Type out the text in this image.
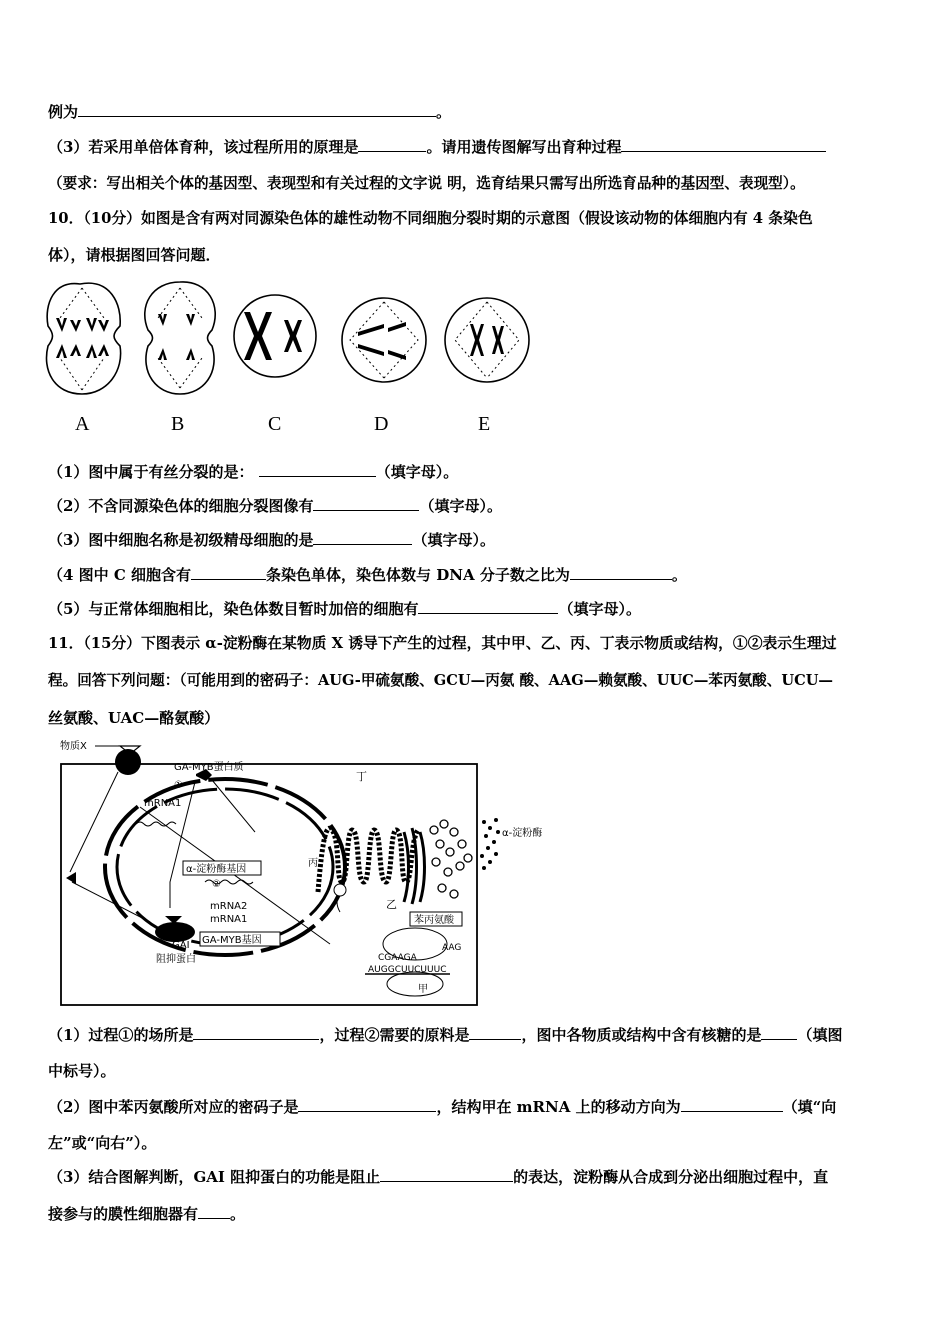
例为	。
（3）若采用单倍体育种，该过程所用的原理是	。请用遗传图解写出育种过程
（要求：写出相关个体的基因型、表现型和有关过程的文字说 明，选育结果只需写出所选育品种的基因型、表现型）。
10．（10分）如图是含有两对同源染色体的雄性动物不同细胞分裂时期的示意图（假设该动物的体细胞内有 4 条染色
体），请根据图回答问题．
A	B	C	D	E
（1）图中属于有丝分裂的是：	（填字母）。
（2）不含同源染色体的细胞分裂图像有	（填字母）。
（3）图中细胞名称是初级精母细胞的是	（填字母）。
（4 图中 C 细胞含有	条染色单体，染色体数与 DNA 分子数之比为	。
（5）与正常体细胞相比，染色体数目暂时加倍的细胞有	（填字母）。
11．（15分）下图表示 α-淀粉酶在某物质 X 诱导下产生的过程，其中甲、乙、丙、丁表示物质或结构，①②表示生理过
程。回答下列问题：（可能用到的密码子：AUG-甲硫氨酸、GCU—丙氨 酸、AAG—赖氨酸、UUC—苯丙氨酸、UCU—
丝氨酸、UAC—酪氨酸）
物质X
GA-MYB蛋白质
丁
①
mRNA1
α-淀粉酶
α-淀粉酶基因
丙
②
mRNA2
mRNA1
乙
苯丙氨酸
GAI GA-MYB基因
阻抑蛋白
AAG
CGAAGA
AUGGCUUCUUUC
甲
（1）过程①的场所是	，过程②需要的原料是	，图中各物质或结构中含有核糖的是 （填图
中标号）。
（2）图中苯丙氨酸所对应的密码子是	，结构甲在 mRNA 上的移动方向为	（填“向
左”或“向右”）。
（3）结合图解判断，GAI 阻抑蛋白的功能是阻止	的表达，淀粉酶从合成到分泌出细胞过程中，直
接参与的膜性细胞器有 。
